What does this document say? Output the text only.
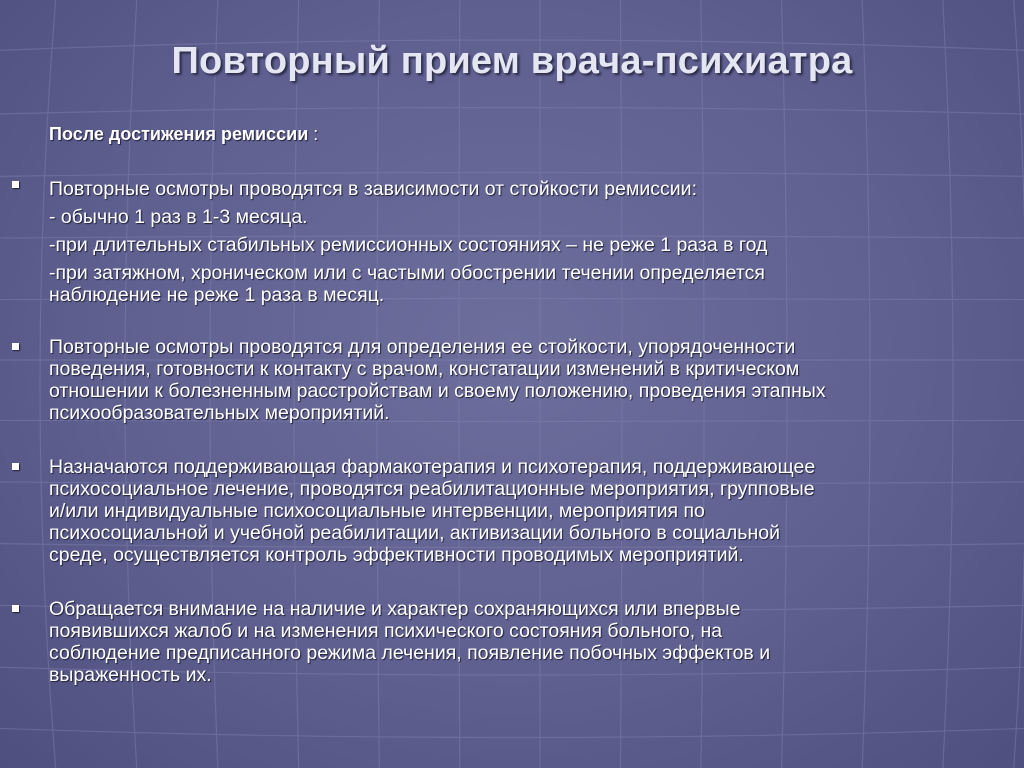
Повторный прием врача-психиатра
После достижения ремиссии :
Повторные осмотры проводятся в зависимости от стойкости ремиссии:
- обычно 1 раз в 1-3 месяца.
-при длительных стабильных ремиссионных состояниях – не реже 1 раза в год
-при затяжном, хроническом или с частыми обострении течении определяется
наблюдение не реже 1 раза в месяц.
Повторные осмотры проводятся для определения ее стойкости, упорядоченности
поведения, готовности к контакту с врачом, констатации изменений в критическом
отношении к болезненным расстройствам и своему положению, проведения этапных
психообразовательных мероприятий.
Назначаются поддерживающая фармакотерапия и психотерапия, поддерживающее
психосоциальное лечение, проводятся реабилитационные мероприятия, групповые
и/или индивидуальные психосоциальные интервенции, мероприятия по
психосоциальной и учебной реабилитации, активизации больного в социальной
среде, осуществляется контроль эффективности проводимых мероприятий.
Обращается внимание на наличие и характер сохраняющихся или впервые
появившихся жалоб и на изменения психического состояния больного, на
соблюдение предписанного режима лечения, появление побочных эффектов и
выраженность их.
